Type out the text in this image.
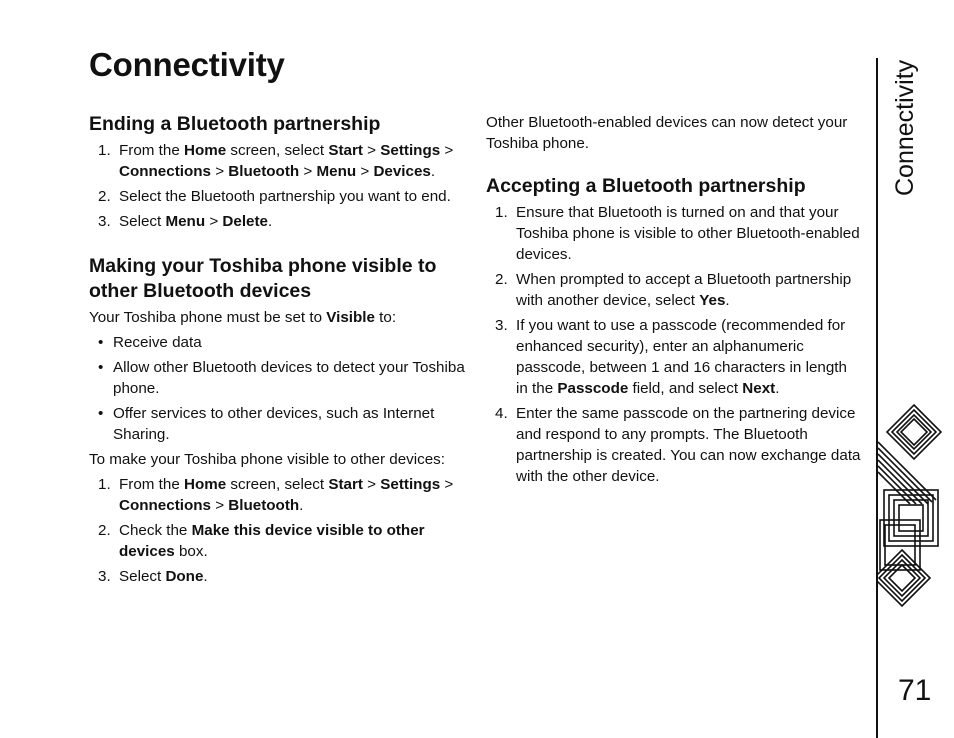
Connectivity
Ending a Bluetooth partnership
1. From the Home screen, select Start > Settings > Connections > Bluetooth > Menu > Devices.
2. Select the Bluetooth partnership you want to end.
3. Select Menu > Delete.
Making your Toshiba phone visible to other Bluetooth devices

Your Toshiba phone must be set to Visible to:

• Receive data
• Allow other Bluetooth devices to detect your Toshiba phone.
• Offer services to other devices, such as Internet Sharing.

To make your Toshiba phone visible to other devices:

1. From the Home screen, select Start > Settings > Connections > Bluetooth.
2. Check the Make this device visible to other devices box.
3. Select Done.

Other Bluetooth-enabled devices can now detect your Toshiba phone.

Accepting a Bluetooth partnership
1. Ensure that Bluetooth is turned on and that your Toshiba phone is visible to other Bluetooth-enabled devices.
2. When prompted to accept a Bluetooth partnership with another device, select Yes.
3. If you want to use a passcode (recommended for enhanced security), enter an alphanumeric passcode, between 1 and 16 characters in length in the Passcode field, and select Next.
4. Enter the same passcode on the partnering device and respond to any prompts. The Bluetooth partnership is created. You can now exchange data with the other device.
Connectivity
71
